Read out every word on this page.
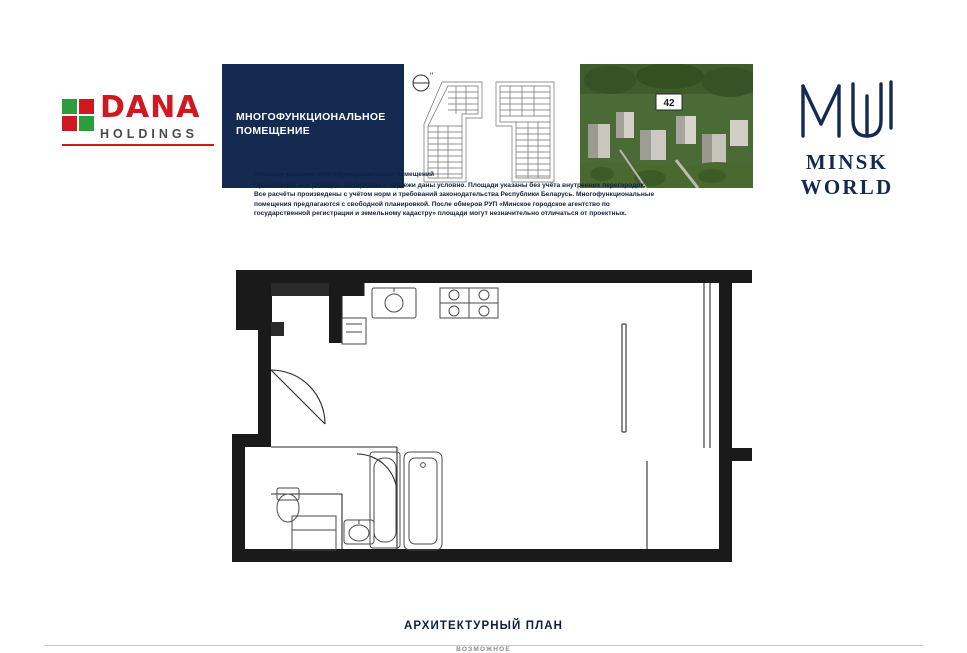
DANA
HOLDINGS
МНОГОФУНКЦИОНАЛЬНОЕ
ПОМЕЩЕНИЕ
"
42
MINSK WORLD
Эскизное решение многофункциональных помещений
Примечание: все размеры, материалы и чертежи даны условно. Площади указаны без учёта внутренних перегородок.
Все расчёты произведены с учётом норм и требований законодательства Республики Беларусь. Многофункциональные
помещения предлагаются с свободной планировкой. После обмеров РУП «Минское городское агентство по
государственной регистрации и земельному кадастру» площади могут незначительно отличаться от проектных.
АРХИТЕКТУРНЫЙ ПЛАН
ВОЗМОЖНОЕ
